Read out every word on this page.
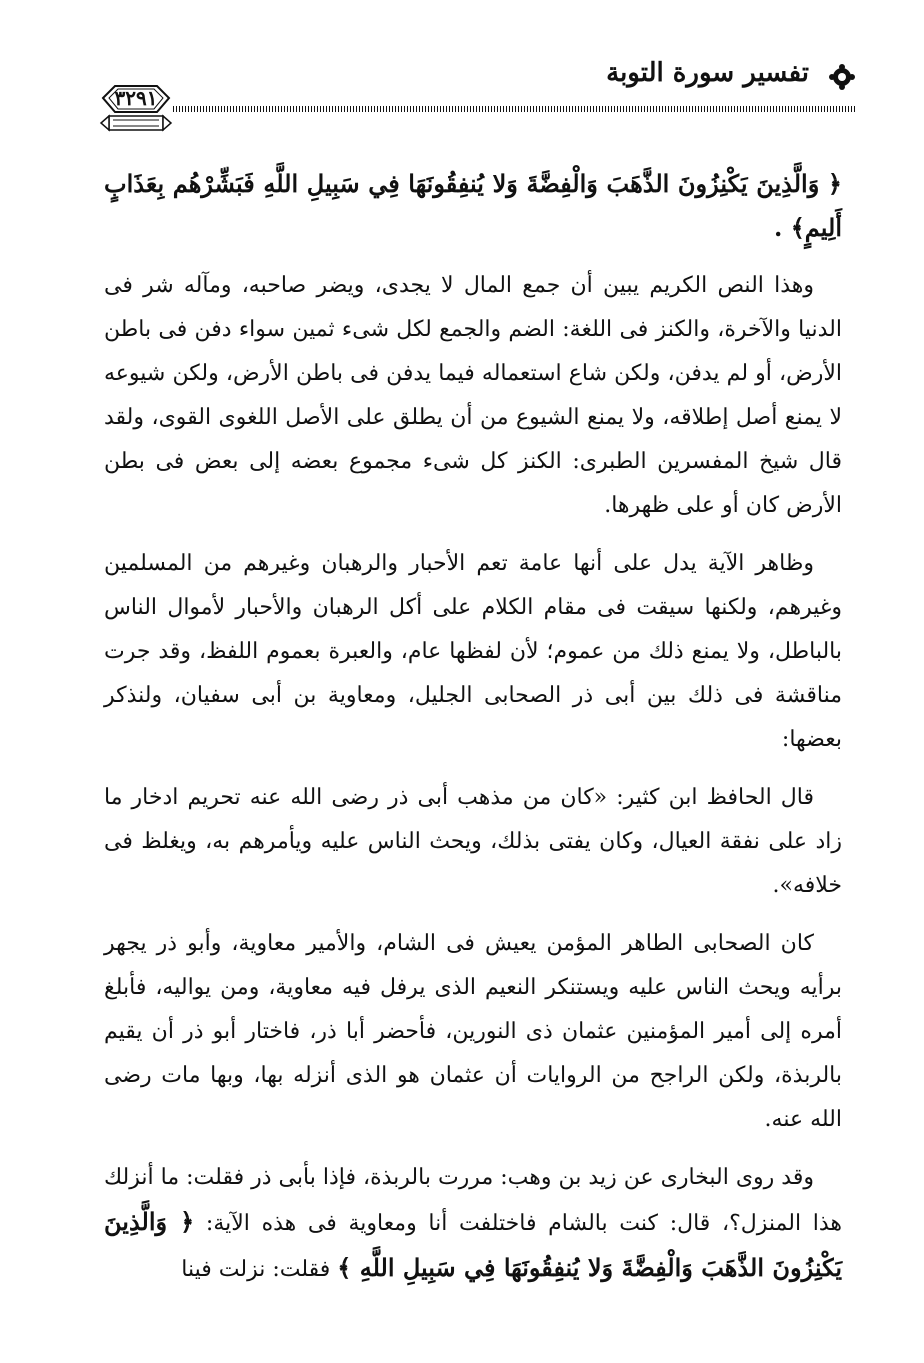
تفسير سورة التوبة
٣٢٩١

﴿ وَالَّذِينَ يَكْنِزُونَ الذَّهَبَ وَالْفِضَّةَ وَلا يُنفِقُونَهَا فِي سَبِيلِ اللَّهِ فَبَشِّرْهُم بِعَذَابٍ أَلِيمٍ﴾ .

وهذا النص الكريم يبين أن جمع المال لا يجدى، ويضر صاحبه، ومآله شر فى الدنيا والآخرة، والكنز فى اللغة: الضم والجمع لكل شىء ثمين سواء دفن فى باطن الأرض، أو لم يدفن، ولكن شاع استعماله فيما يدفن فى باطن الأرض، ولكن شيوعه لا يمنع أصل إطلاقه، ولا يمنع الشيوع من أن يطلق على الأصل اللغوى القوى، ولقد قال شيخ المفسرين الطبرى: الكنز كل شىء مجموع بعضه إلى بعض فى بطن الأرض كان أو على ظهرها.

وظاهر الآية يدل على أنها عامة تعم الأحبار والرهبان وغيرهم من المسلمين وغيرهم، ولكنها سيقت فى مقام الكلام على أكل الرهبان والأحبار لأموال الناس بالباطل، ولا يمنع ذلك من عموم؛ لأن لفظها عام، والعبرة بعموم اللفظ، وقد جرت مناقشة فى ذلك بين أبى ذر الصحابى الجليل، ومعاوية بن أبى سفيان، ولنذكر بعضها:

قال الحافظ ابن كثير: «كان من مذهب أبى ذر رضى الله عنه تحريم ادخار ما زاد على نفقة العيال، وكان يفتى بذلك، ويحث الناس عليه ويأمرهم به، ويغلظ فى خلافه».

كان الصحابى الطاهر المؤمن يعيش فى الشام، والأمير معاوية، وأبو ذر يجهر برأيه ويحث الناس عليه ويستنكر النعيم الذى يرفل فيه معاوية، ومن يواليه، فأبلغ أمره إلى أمير المؤمنين عثمان ذى النورين، فأحضر أبا ذر، فاختار أبو ذر أن يقيم بالربذة، ولكن الراجح من الروايات أن عثمان هو الذى أنزله بها، وبها مات رضى الله عنه.

وقد روى البخارى عن زيد بن وهب: مررت بالربذة، فإذا بأبى ذر فقلت: ما أنزلك هذا المنزل؟، قال: كنت بالشام فاختلفت أنا ومعاوية فى هذه الآية: ﴿ وَالَّذِينَ يَكْنِزُونَ الذَّهَبَ وَالْفِضَّةَ وَلا يُنفِقُونَهَا فِي سَبِيلِ اللَّهِ ﴾ فقلت: نزلت فينا
